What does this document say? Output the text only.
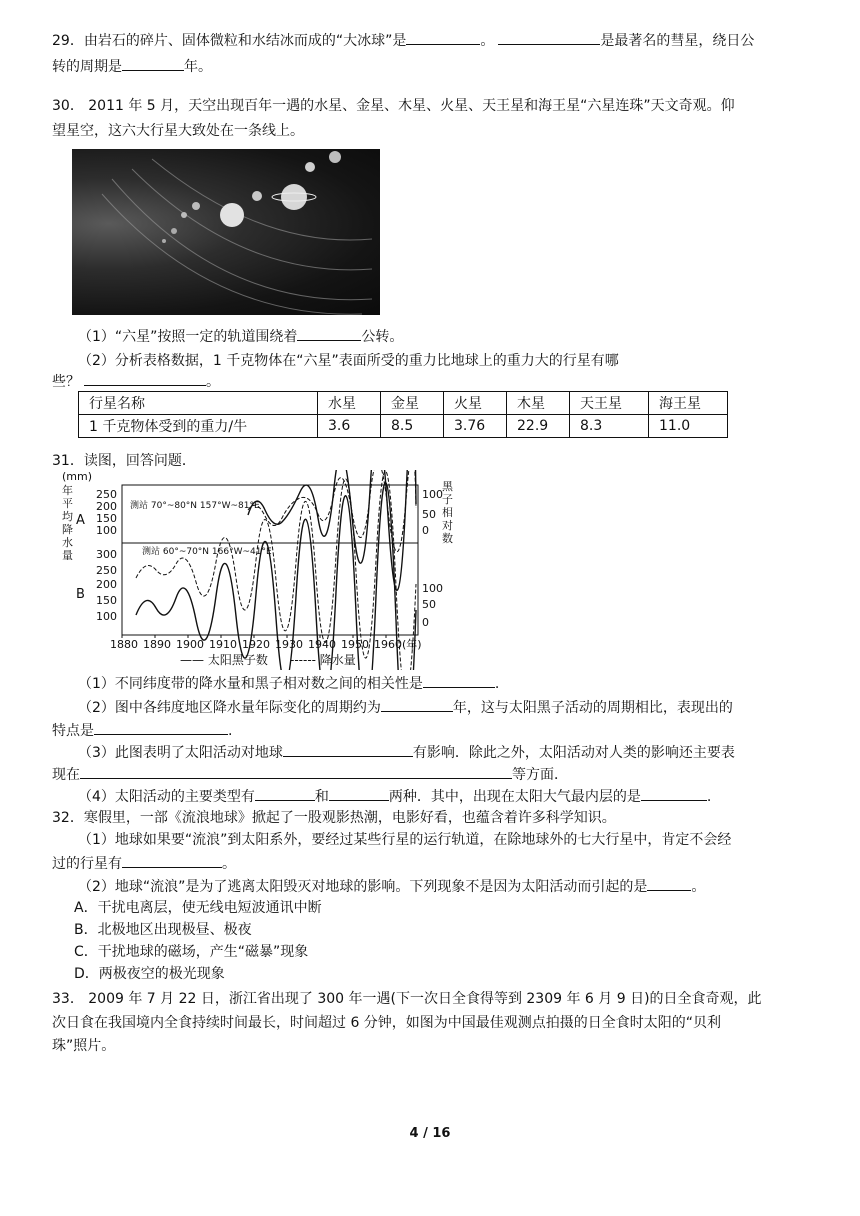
29．由岩石的碎片、固体微粒和水结冰而成的“大冰球”是	。	是最著名的彗星，绕日公
转的周期是	年。
30． 2011 年 5 月，天空出现百年一遇的水星、金星、木星、火星、天王星和海王星“六星连珠”天文奇观。仰
望星空，这六大行星大致处在一条线上。
（1）“六星”按照一定的轨道围绕着	公转。
（2）分析表格数据，1 千克物体在“六星”表面所受的重力比地球上的重力大的行星有哪
些？	。
行星名称	水星	金星	火星	木星	天王星	海王星
1 千克物体受到的重力/牛	3.6	8.5	3.76	22.9	8.3	11.0
31．读图，回答问题．
(mm)
年平均降水量
黑子相对数
A
B
测站 70°~80°N 157°W~81°E
测站 60°~70°N 166°W~41°E
250
200
150
100
100
50
0
300
250
200
150
100
100
50
0
1880 1890 1900 1910 1920 1930 1940 1950 1960(年)
—— 太阳黑子数 ------ 降水量
（1）不同纬度带的降水量和黑子相对数之间的相关性是	.
（2）图中各纬度地区降水量年际变化的周期约为	年，这与太阳黑子活动的周期相比，表现出的
特点是	.
（3）此图表明了太阳活动对地球	有影响．除此之外，太阳活动对人类的影响还主要表
现在	等方面．
（4）太阳活动的主要类型有	和	两种．其中，出现在太阳大气最内层的是	.
32．寒假里，一部《流浪地球》掀起了一股观影热潮，电影好看，也蕴含着许多科学知识。
（1）地球如果要“流浪”到太阳系外，要经过某些行星的运行轨道，在除地球外的七大行星中，肯定不会经
过的行星有	。
（2）地球“流浪”是为了逃离太阳毁灭对地球的影响。下列现象不是因为太阳活动而引起的是	。
A．干扰电离层，使无线电短波通讯中断
B．北极地区出现极昼、极夜
C．干扰地球的磁场，产生“磁暴”现象
D．两极夜空的极光现象
33． 2009 年 7 月 22 日，浙江省出现了 300 年一遇(下一次日全食得等到 2309 年 6 月 9 日)的日全食奇观，此
次日食在我国境内全食持续时间最长，时间超过 6 分钟，如图为中国最佳观测点拍摄的日全食时太阳的“贝利
珠”照片。
4 / 16
